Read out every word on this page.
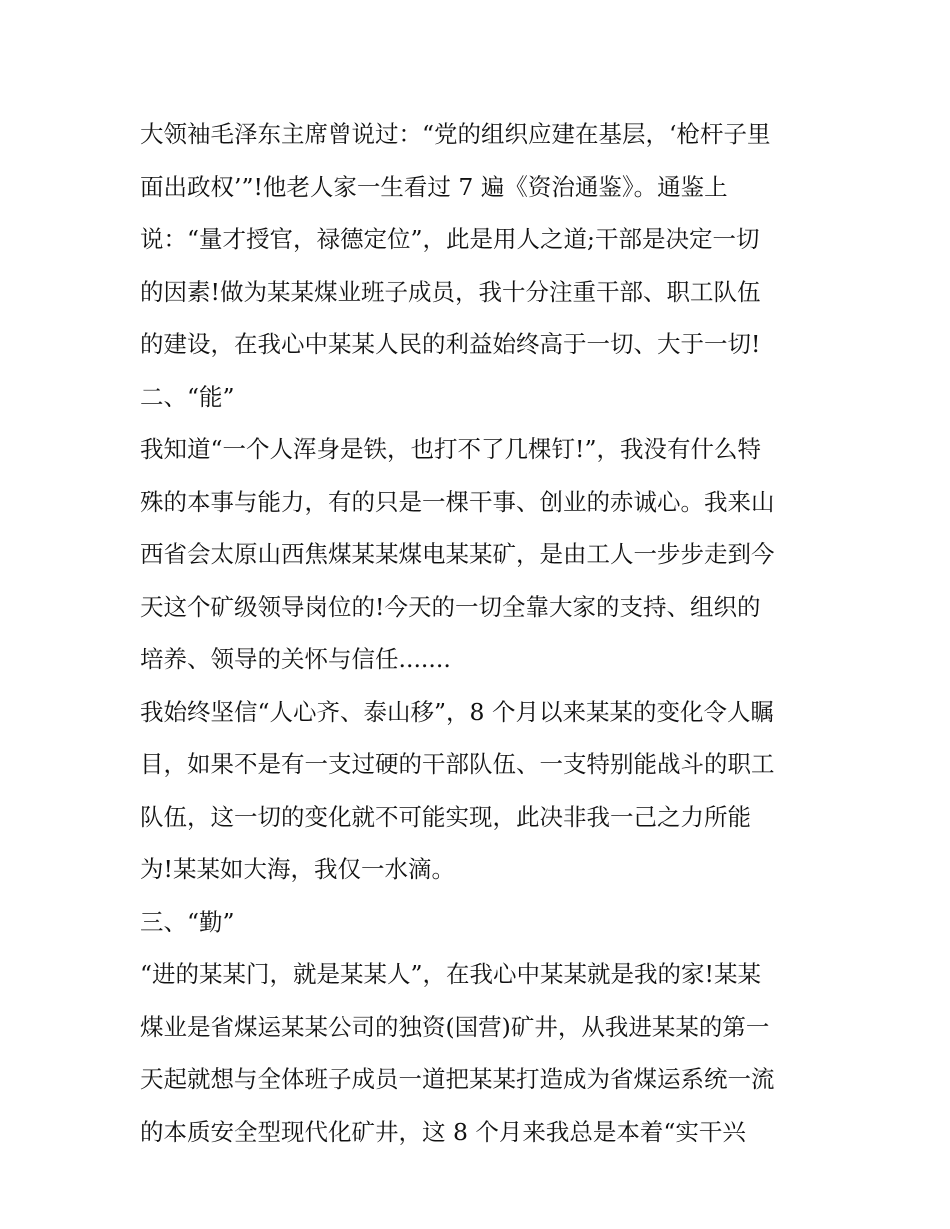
大领袖毛泽东主席曾说过：“党的组织应建在基层，‘枪杆子里
面出政权’”!他老人家一生看过 7 遍《资治通鉴》。通鉴上
说：“量才授官，禄德定位”，此是用人之道;干部是决定一切
的因素!做为某某煤业班子成员，我十分注重干部、职工队伍
的建设，在我心中某某人民的利益始终高于一切、大于一切!
二、“能”
我知道“一个人浑身是铁，也打不了几棵钉!”，我没有什么特
殊的本事与能力，有的只是一棵干事、创业的赤诚心。我来山
西省会太原山西焦煤某某煤电某某矿，是由工人一步步走到今
天这个矿级领导岗位的!今天的一切全靠大家的支持、组织的
培养、领导的关怀与信任.......
我始终坚信“人心齐、泰山移”，8 个月以来某某的变化令人瞩
目，如果不是有一支过硬的干部队伍、一支特别能战斗的职工
队伍，这一切的变化就不可能实现，此决非我一己之力所能
为!某某如大海，我仅一水滴。
三、“勤”
“进的某某门，就是某某人”，在我心中某某就是我的家!某某
煤业是省煤运某某公司的独资(国营)矿井，从我进某某的第一
天起就想与全体班子成员一道把某某打造成为省煤运系统一流
的本质安全型现代化矿井，这 8 个月来我总是本着“实干兴
